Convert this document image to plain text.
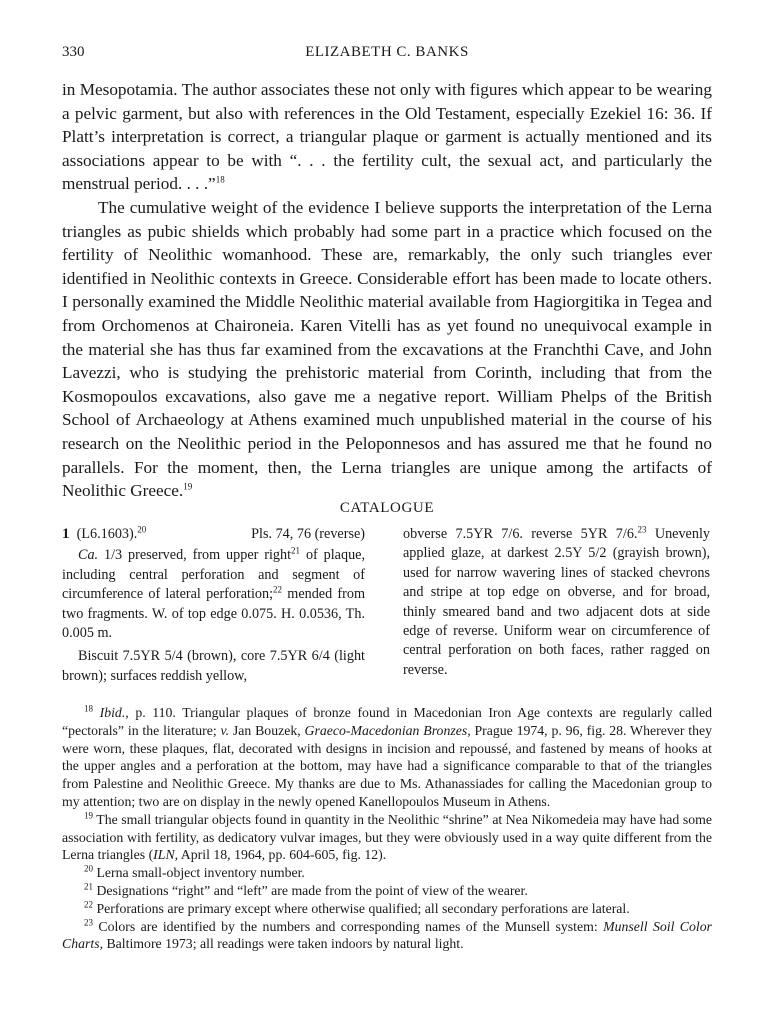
330	ELIZABETH C. BANKS

in Mesopotamia. The author associates these not only with figures which appear to be wearing a pelvic garment, but also with references in the Old Testament, especially Ezekiel 16: 36. If Platt’s interpretation is correct, a triangular plaque or garment is actually mentioned and its associations appear to be with “. . . the fertility cult, the sexual act, and particularly the menstrual period. . . .”$^{18}$

The cumulative weight of the evidence I believe supports the interpretation of the Lerna triangles as pubic shields which probably had some part in a practice which focused on the fertility of Neolithic womanhood. These are, remarkably, the only such triangles ever identified in Neolithic contexts in Greece. Considerable effort has been made to locate others. I personally examined the Middle Neolithic material available from Hagiorgitika in Tegea and from Orchomenos at Chaironeia. Karen Vitelli has as yet found no unequivocal example in the material she has thus far examined from the excavations at the Franchthi Cave, and John Lavezzi, who is studying the prehistoric material from Corinth, including that from the Kosmopoulos excavations, also gave me a negative report. William Phelps of the British School of Archaeology at Athens examined much unpublished material in the course of his research on the Neolithic period in the Peloponnesos and has assured me that he found no parallels. For the moment, then, the Lerna triangles are unique among the artifacts of Neolithic Greece.$^{19}$

CATALOGUE
1 (L6.1603).$^{20}$	Pls. 74, 76 (reverse)

Ca. 1/3 preserved, from upper right$^{21}$ of plaque, including central perforation and segment of circumference of lateral perforation;$^{22}$ mended from two fragments. W. of top edge 0.075. H. 0.0536, Th. 0.005 m.

Biscuit 7.5YR 5/4 (brown), core 7.5YR 6/4 (light brown); surfaces reddish yellow,

obverse 7.5YR 7/6. reverse 5YR 7/6.23 Unevenly applied glaze, at darkest 2.5Y 5/2 (grayish brown), used for narrow wavering lines of stacked chevrons and stripe at top edge on obverse, and for broad, thinly smeared band and two adjacent dots at side edge of reverse. Uniform wear on circumference of central perforation on both faces, rather ragged on reverse.

$^{18}$ Ibid., p. 110. Triangular plaques of bronze found in Macedonian Iron Age contexts are regularly called “pectorals” in the literature; v. Jan Bouzek, Graeco-Macedonian Bronzes, Prague 1974, p. 96, fig. 28. Wherever they were worn, these plaques, flat, decorated with designs in incision and repoussé, and fastened by means of hooks at the upper angles and a perforation at the bottom, may have had a significance comparable to that of the triangles from Palestine and Neolithic Greece. My thanks are due to Ms. Athanassiades for calling the Macedonian group to my attention; two are on display in the newly opened Kanellopoulos Museum in Athens.

$^{19}$ The small triangular objects found in quantity in the Neolithic “shrine” at Nea Nikomedeia may have had some association with fertility, as dedicatory vulvar images, but they were obviously used in a way quite different from the Lerna triangles (ILN, April 18, 1964, pp. 604-605, fig. 12).

$^{20}$ Lerna small-object inventory number.

$^{21}$ Designations “right” and “left” are made from the point of view of the wearer.

$^{22}$ Perforations are primary except where otherwise qualified; all secondary perforations are lateral.

$^{23}$ Colors are identified by the numbers and corresponding names of the Munsell system: Munsell Soil Color Charts, Baltimore 1973; all readings were taken indoors by natural light.
